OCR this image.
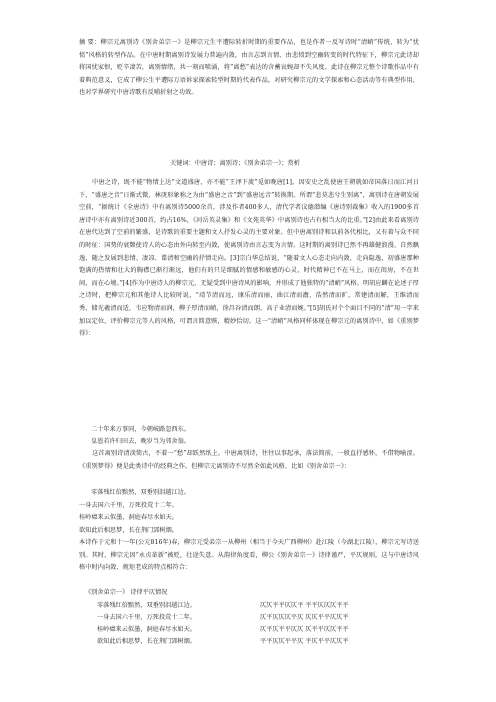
摘 要：柳宗元离别诗《别舍弟宗一》是柳宗元生平遭际转折时期的重要作品，也是作者一反写诗时“清峭”传统，转为“忧愤”风格的转型作品。在中唐时期离别诗发展力普遍内敛，由言志到言情、由悲愤到空幽转变的时代特征下，柳宗元此诗却将国忧家恨，贬辛凄苦，离别情绪，共一刻而喷涌，将“离愁”表达的含蓄哀婉却不失风度。此诗在柳宗元整个诗歌作品中有着典范意义，它成了柳公生平遭际万语诉家探索转型时期的代表作品，对研究柳宗元的文学探索和心态活动等有典型作用，也对学界研究中唐诗歌有反哺折射之功效。

关键词：中唐诗；离别诗；《别舍弟宗一》；赏析

中唐之诗，既不能“物情上达”文道盛唐，亦不能“王泽下流”觅如晚唐[1]。因安史之乱使唐王朝就如帝国落日而江河日下，“盛唐之音”日渐式微，林庚形象称之为由“盛唐之音”到“盛唐远音”转换期。所谓“悲莫悲兮生别离”，离别诗在唐朝发展空前，“据统计《全唐诗》中有离别诗5000余首，涉及作者400多人，清代学者汶德潜编《唐诗别裁集》收入的1900多首唐诗中亦有离别诗近300首，约占16%，《河岳英灵集》和《文苑英华》中离别诗也占有相当大的比重。”[2]由此来看离别诗在唐代达到了空前的繁盛，是诗歌的重要主题和文人抒发心灵的主要对象。但中唐离别诗和以前各代相比，又有着与众不同的时征：国势的衰颓使诗人的心态由外向转至内敛，使离别诗由言志变为言情。这时期的离别诗已然不再雄健浪漫、自然飘逸，随之发展到悲情、凄凉、谍清和空幽的抒情走向。[3]宗白华总结说，“随着文人心态走向内敛，走向隐逸，初盛唐那种饱满的热情和壮大的胸襟已渐行渐远，他们有的只是细腻的情感和敏感的心灵，时代精神已不在马上，而在闺房，不在世间，而在心境。”[4]作为中唐诗人的柳宗元，无疑受到中唐诗风的影响，并形成了他独特的“清峭”风格。明胡应麟在论述子厚之诗时，把柳宗元和其他诗人比较时说，“靖节清而远，康乐清而丽，曲江清而澹，浩然清而旷，常建清而解，王维清而秀，储光羲清而适，韦应物清而润，柳子厚清而峭，徐昌谷清而朗，高子业清而婉。”[5]胡氏对个个面目不同的“清”用一字来加以定位，评价柳宗元等人的风格，可谓言简意赅，精妙恰切。这一“清峭”风格同样体现在柳宗元的离别诗中，如《重别梦得》：

二十年来万事同，今朝岐路忽西东。
皇恩若许归田去，晚岁当为邻舍翁。

这首离别诗清淡简古，不着一“愁”却跃然纸上。中唐离别诗，往往以事起承，落法简前，一般直抒感怀，不借物喻涩。《重别梦得》便是此类诗中的经典之作。但柳宗元离别诗不尽然全如此风格，比如《别舍弟宗一》：

零落残红倍黯然，双垂别泪越江边。
一身去国六千里，万死投荒十二年。
桂岭瘴来云似墨，洞庭春尽水如天。
欲知此后相思梦，长在荆门郢树烟。

本诗作于元和十一年(公元816年)春，柳宗元受弟宗一从柳州（相当于今天广西柳州）赴江陵（今湖北江陵），柳宗元写诗送别。其时，柳宗元因“永贞革新”被贬，壮途失意。从韵律角度看，柳公《别舍弟宗一》诗律谨严，平仄规则，这与中唐诗风格中时内向敛、规矩老成的特点相符合：

《别舍弟宗一》 诗律平仄情况
零落残红倍黯然，双垂别泪越江边。	仄仄平平仄仄平 平平仄仄仄平平
一身去国六千里，万死投荒十二年。	仄平仄仄仄平仄 仄仄平平仄仄平
桂岭瘴来云似墨，洞庭春尽水如天。	仄平仄平平仄仄 仄平平仄仄平平
欲知此后相思梦，长在荆门郢树烟。	平平仄仄平平仄 平仄平平仄仄平
